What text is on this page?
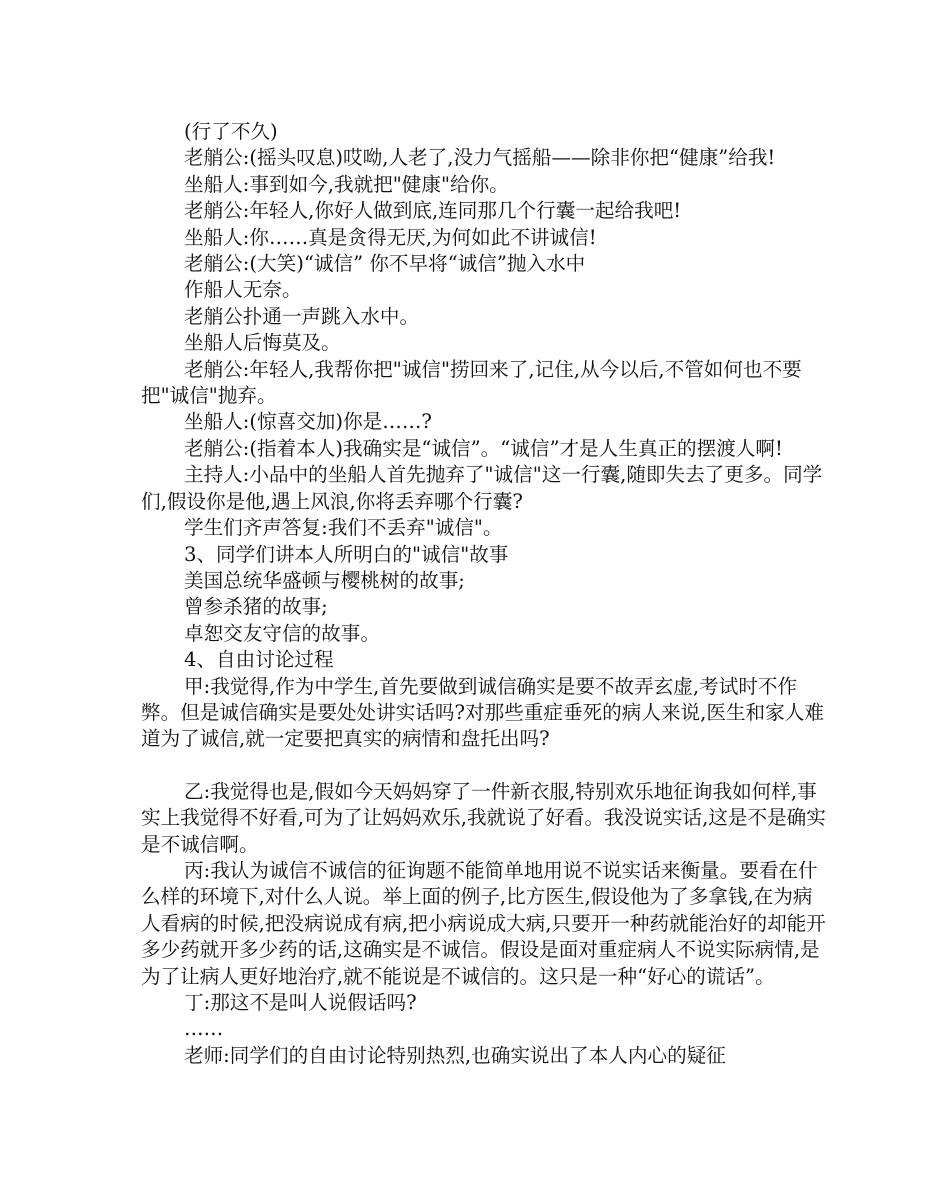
(行了不久)

老艄公:(摇头叹息)哎呦,人老了,没力气摇船——除非你把“健康”给我!

坐船人:事到如今,我就把"健康"给你。

老艄公:年轻人,你好人做到底,连同那几个行囊一起给我吧!

坐船人:你……真是贪得无厌,为何如此不讲诚信!

老艄公:(大笑)“诚信” 你不早将“诚信”抛入水中

作船人无奈。

老艄公扑通一声跳入水中。

坐船人后悔莫及。

老艄公:年轻人,我帮你把"诚信"捞回来了,记住,从今以后,不管如何也不要把"诚信"抛弃。

坐船人:(惊喜交加)你是……?

老艄公:(指着本人)我确实是“诚信”。“诚信”才是人生真正的摆渡人啊!

主持人:小品中的坐船人首先抛弃了"诚信"这一行囊,随即失去了更多。同学们,假设你是他,遇上风浪,你将丢弃哪个行囊?

学生们齐声答复:我们不丢弃"诚信"。

3、同学们讲本人所明白的"诚信"故事

美国总统华盛顿与樱桃树的故事;

曾参杀猪的故事;

卓恕交友守信的故事。

4、自由讨论过程

甲:我觉得,作为中学生,首先要做到诚信确实是要不故弄玄虚,考试时不作弊。但是诚信确实是要处处讲实话吗?对那些重症垂死的病人来说,医生和家人难道为了诚信,就一定要把真实的病情和盘托出吗?

乙:我觉得也是,假如今天妈妈穿了一件新衣服,特别欢乐地征询我如何样,事实上我觉得不好看,可为了让妈妈欢乐,我就说了好看。我没说实话,这是不是确实是不诚信啊。

丙:我认为诚信不诚信的征询题不能简单地用说不说实话来衡量。要看在什么样的环境下,对什么人说。举上面的例子,比方医生,假设他为了多拿钱,在为病人看病的时候,把没病说成有病,把小病说成大病,只要开一种药就能治好的却能开多少药就开多少药的话,这确实是不诚信。假设是面对重症病人不说实际病情,是为了让病人更好地治疗,就不能说是不诚信的。这只是一种“好心的谎话”。

丁:那这不是叫人说假话吗?

……

老师:同学们的自由讨论特别热烈,也确实说出了本人内心的疑征
